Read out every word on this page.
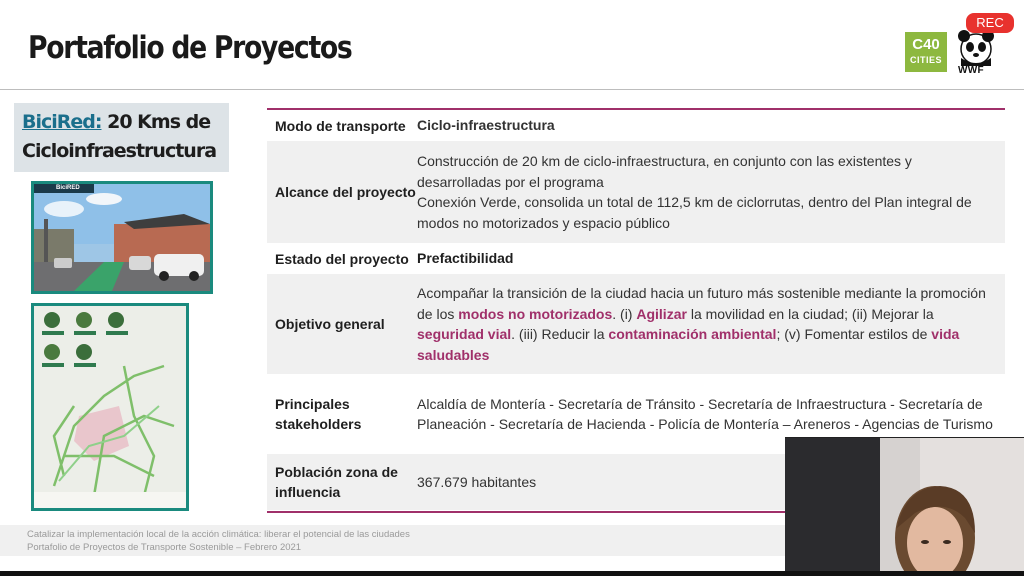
Portafolio de Proyectos	C40
CITIES
WWF
BiciRed: 20 Kms de Cicloinfraestructura
BiciRED
Modo de transporte Ciclo-infraestructura
Alcance del proyecto
Construcción de 20 km de ciclo-infraestructura, en conjunto con las existentes y desarrolladas por el programa
Conexión Verde, consolida un total de 112,5 km de ciclorrutas, dentro del Plan integral de modos no motorizados y espacio público
Estado del proyecto Prefactibilidad
Objetivo general
Acompañar la transición de la ciudad hacia un futuro más sostenible mediante la promoción de los modos no motorizados. (i) Agilizar la movilidad en la ciudad; (ii) Mejorar la seguridad vial. (iii) Reducir la contaminación ambiental; (v) Fomentar estilos de vida saludables
Principales stakeholders
Alcaldía de Montería - Secretaría de Tránsito - Secretaría de Infraestructura - Secretaría de Planeación - Secretaría de Hacienda - Policía de Montería – Areneros - Agencias de Turismo
Población zona de influencia
367.679 habitantes
Catalizar la implementación local de la acción climática: liberar el potencial de las ciudades
Portafolio de Proyectos de Transporte Sostenible – Febrero 2021
REC
